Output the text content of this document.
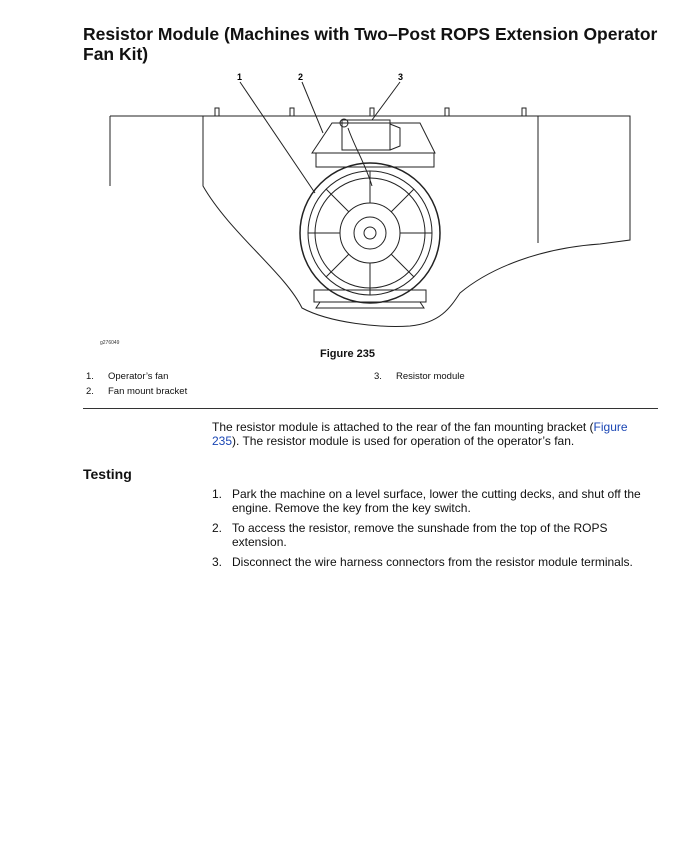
Resistor Module (Machines with Two–Post ROPS Extension Operator Fan Kit)
1	2	3
g276049
Figure 235
1. Operator’s fan
2. Fan mount bracket
3. Resistor module

The resistor module is attached to the rear of the fan mounting bracket (Figure 235). The resistor module is used for operation of the operator’s fan.

Testing
1. Park the machine on a level surface, lower the cutting decks, and shut off the engine. Remove the key from the key switch.
2. To access the resistor, remove the sunshade from the top of the ROPS extension.
3. Disconnect the wire harness connectors from the resistor module terminals.
